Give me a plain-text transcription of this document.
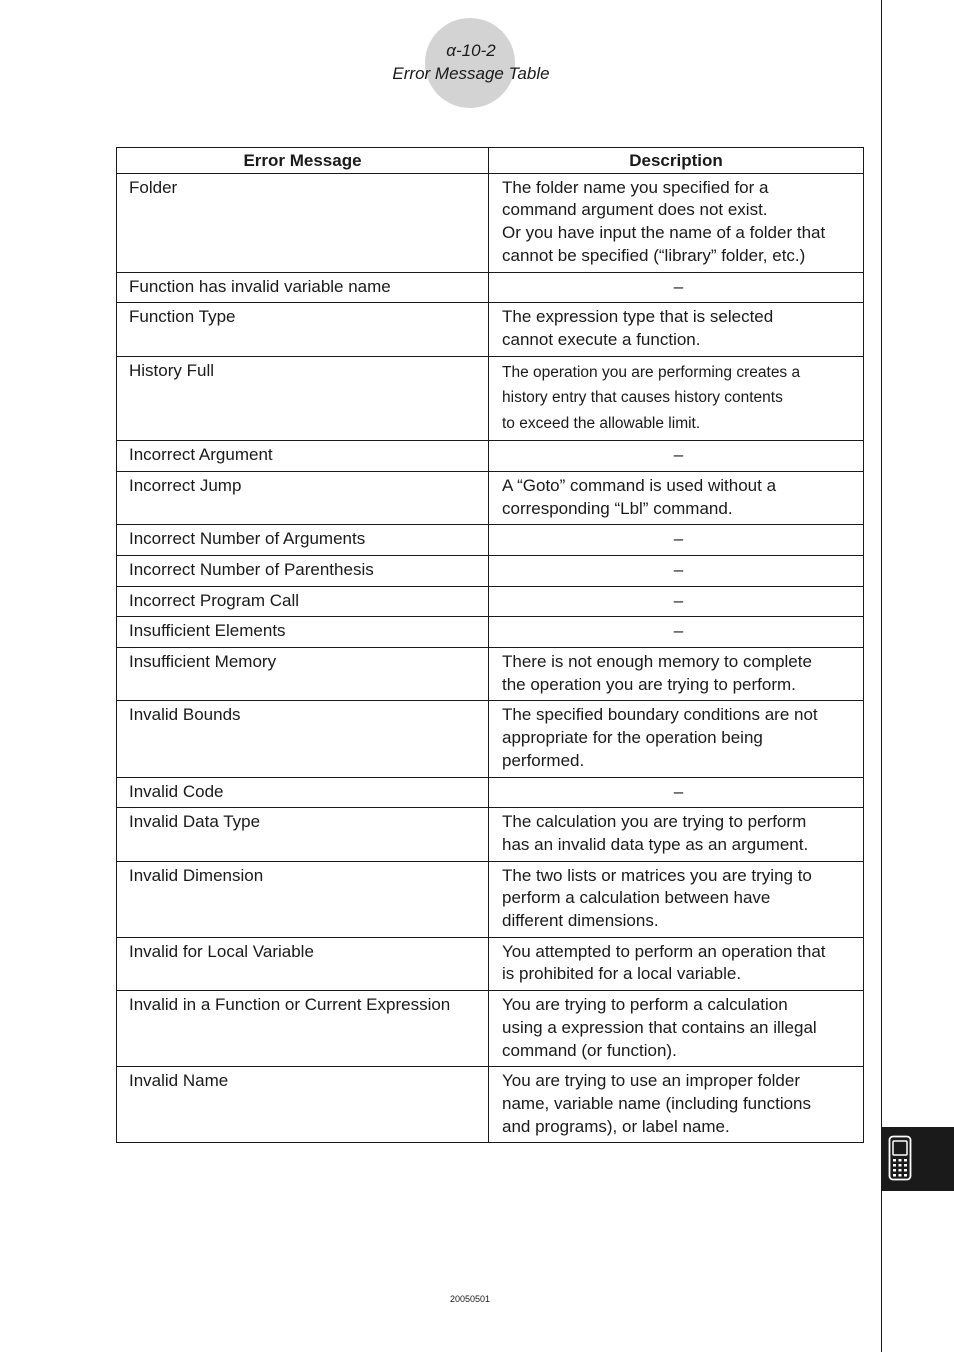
α-10-2
Error Message Table
Error Message	Description
Folder	The folder name you specified for a
command argument does not exist.
Or you have input the name of a folder that
cannot be specified (“library” folder, etc.)

Function has invalid variable name	–

Function Type	The expression type that is selected
cannot execute a function.

History Full	The operation you are performing creates a
history entry that causes history contents
to exceed the allowable limit.

Incorrect Argument	–

Incorrect Jump	A “Goto” command is used without a
corresponding “Lbl” command.

Incorrect Number of Arguments	–

Incorrect Number of Parenthesis	–

Incorrect Program Call	–

Insufficient Elements	–

Insufficient Memory	There is not enough memory to complete
the operation you are trying to perform.

Invalid Bounds	The specified boundary conditions are not
appropriate for the operation being
performed.

Invalid Code	–

Invalid Data Type	The calculation you are trying to perform
has an invalid data type as an argument.

Invalid Dimension	The two lists or matrices you are trying to
perform a calculation between have
different dimensions.

Invalid for Local Variable	You attempted to perform an operation that
is prohibited for a local variable.

Invalid in a Function or Current Expression	You are trying to perform a calculation
using a expression that contains an illegal
command (or function).

Invalid Name	You are trying to use an improper folder
name, variable name (including functions
and programs), or label name.
20050501
